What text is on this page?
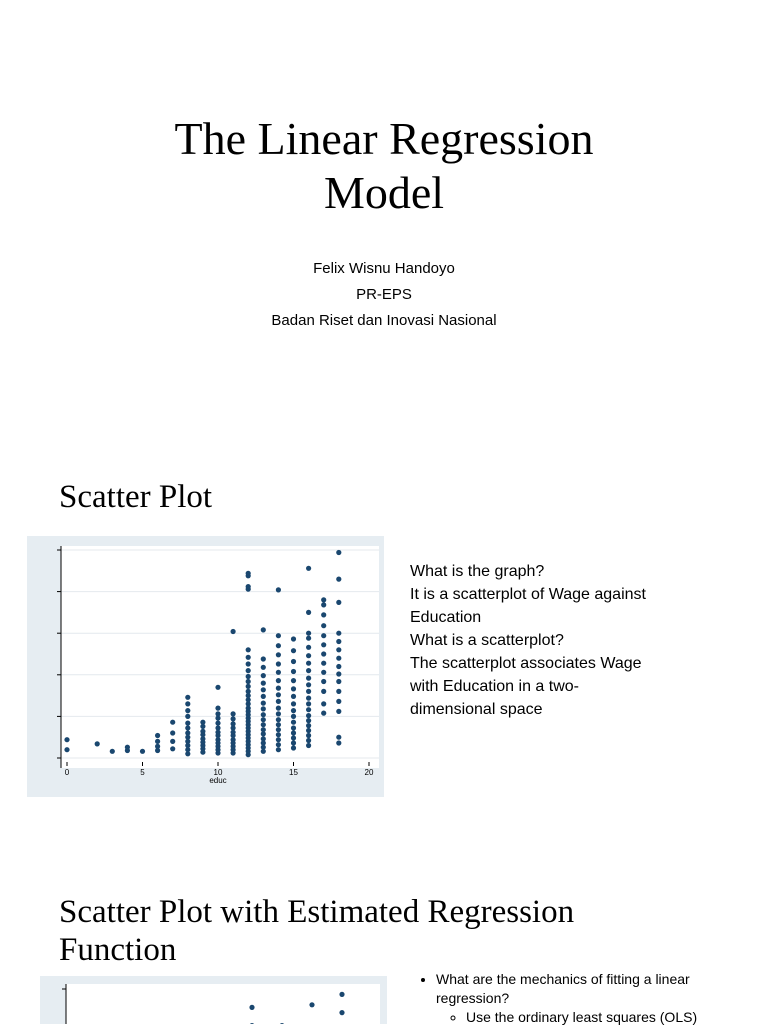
The Linear Regression
Model
Felix Wisnu Handoyo
PR-EPS
Badan Riset dan Inovasi Nasional
Scatter Plot
0	5	10	15	20
educ
What is the graph?
It is a scatterplot of Wage against
Education
What is a scatterplot?
The scatterplot associates Wage
with Education in a two-
dimensional space
Scatter Plot with Estimated Regression
Function
• What are the mechanics of fitting a linear regression?
◦ Use the ordinary least squares (OLS)
